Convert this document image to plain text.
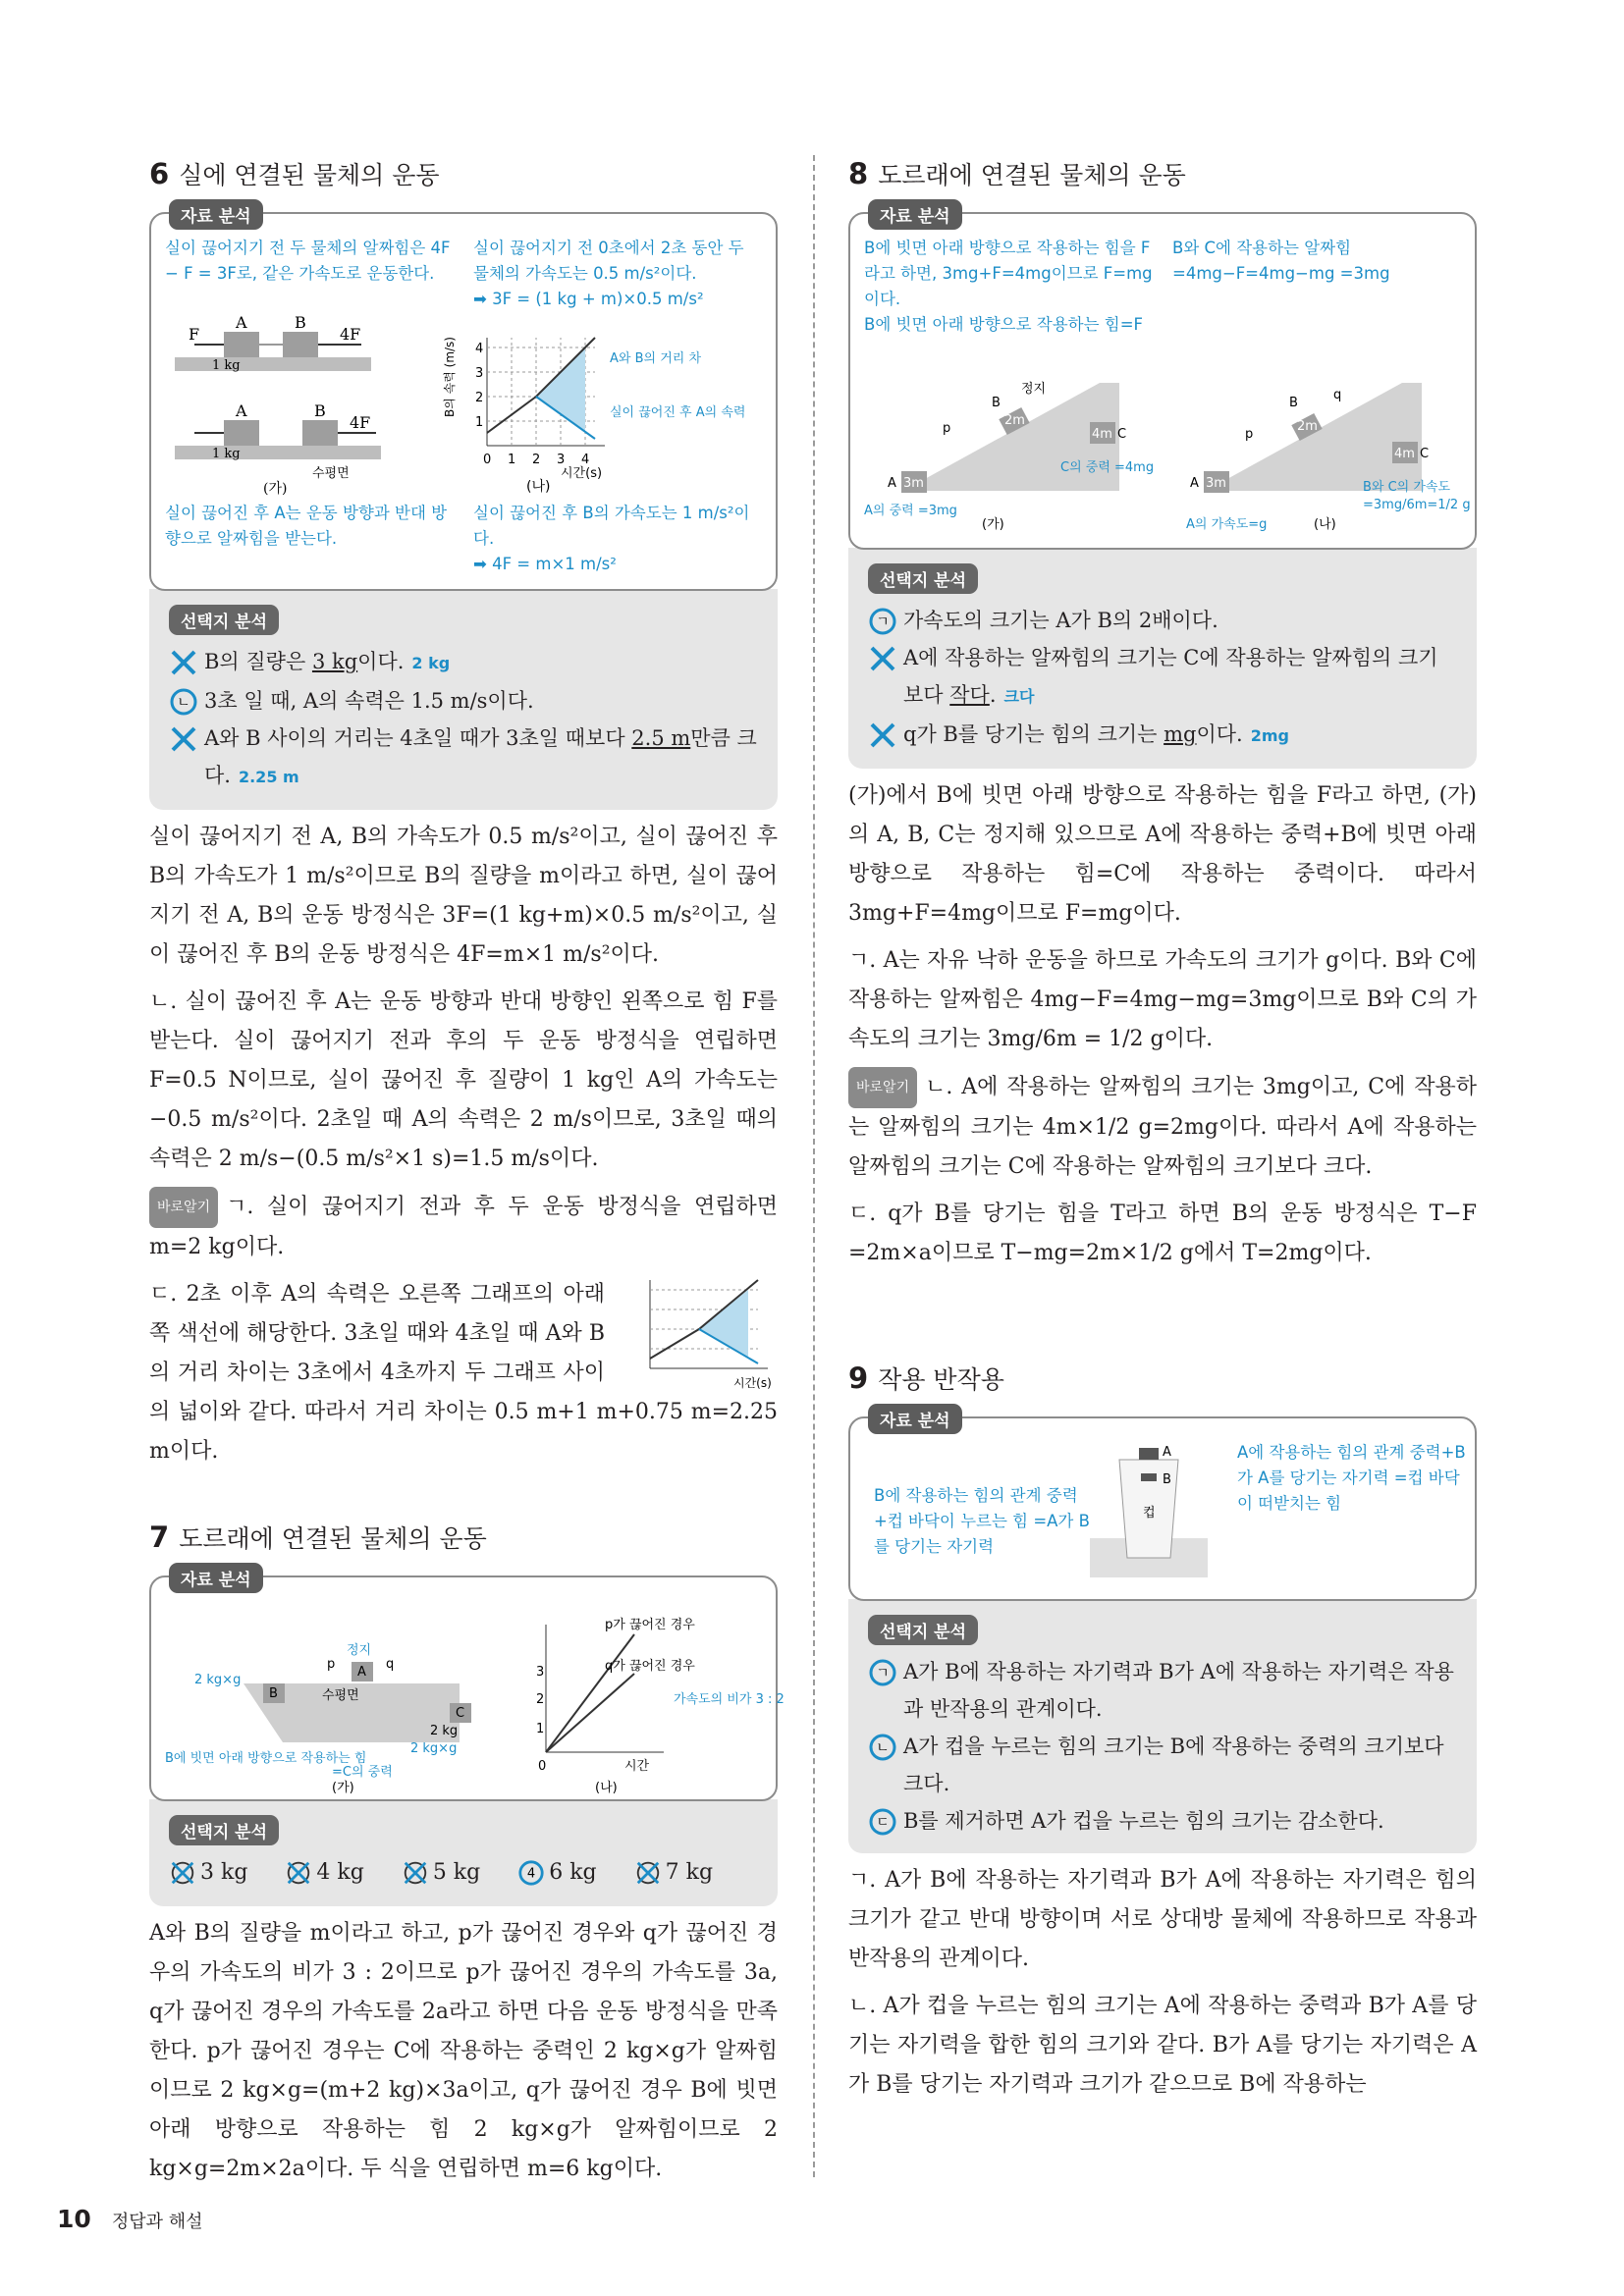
6 실에 연결된 물체의 운동
자료 분석
실이 끊어지기 전 두 물체의 알짜힘은 4F − F = 3F로, 같은 가속도로 운동한다.
실이 끊어지기 전 0초에서 2초 동안 두 물체의 가속도는 0.5 m/s²이다.
➡ 3F = (1 kg + m)×0.5 m/s²
F
A	B
4F
1 kg
A	B
4F
1 kg
수평면
(가)
0 1 2 3 4
1
2
3
4
B의 속력 (m/s)
시간(s)
A와 B의 거리 차
실이 끊어진 후 A의 속력
(나)
실이 끊어진 후 A는 운동 방향과 반대 방향으로 알짜힘을 받는다.
실이 끊어진 후 B의 가속도는 1 m/s²이다.
➡ 4F = m×1 m/s²
선택지 분석
B의 질량은 3 kg이다. 2 kg
ㄴ 3초 일 때, A의 속력은 1.5 m/s이다.
A와 B 사이의 거리는 4초일 때가 3초일 때보다 2.5 m만큼 크다. 2.25 m

실이 끊어지기 전 A, B의 가속도가 0.5 m/s²이고, 실이 끊어진 후 B의 가속도가 1 m/s²이므로 B의 질량을 m이라고 하면, 실이 끊어지기 전 A, B의 운동 방정식은 3F=(1 kg+m)×0.5 m/s²이고, 실이 끊어진 후 B의 운동 방정식은 4F=m×1 m/s²이다.

ㄴ. 실이 끊어진 후 A는 운동 방향과 반대 방향인 왼쪽으로 힘 F를 받는다. 실이 끊어지기 전과 후의 두 운동 방정식을 연립하면 F=0.5 N이므로, 실이 끊어진 후 질량이 1 kg인 A의 가속도는 −0.5 m/s²이다. 2초일 때 A의 속력은 2 m/s이므로, 3초일 때의 속력은 2 m/s−(0.5 m/s²×1 s)=1.5 m/s이다.

바로알기 ㄱ. 실이 끊어지기 전과 후 두 운동 방정식을 연립하면 m=2 kg이다.

시간(s)
ㄷ. 2초 이후 A의 속력은 오른쪽 그래프의 아래쪽 색선에 해당한다. 3초일 때와 4초일 때 A와 B의 거리 차이는 3초에서 4초까지 두 그래프 사이의 넓이와 같다. 따라서 거리 차이는 0.5 m+1 m+0.75 m=2.25 m이다.

7 도르래에 연결된 물체의 운동
자료 분석
정지
p	q
A
B
C
수평면
2 kg×g
2 kg
2 kg×g
B에 빗면 아래 방향으로 작용하는 힘
=C의 중력
(가)
3
2
1
0	시간
p가 끊어진 경우
q가 끊어진 경우
가속도의 비가 3 : 2
(나)
선택지 분석
3 kg	4 kg	5 kg	4 6 kg	7 kg

A와 B의 질량을 m이라고 하고, p가 끊어진 경우와 q가 끊어진 경우의 가속도의 비가 3 : 2이므로 p가 끊어진 경우의 가속도를 3a, q가 끊어진 경우의 가속도를 2a라고 하면 다음 운동 방정식을 만족한다. p가 끊어진 경우는 C에 작용하는 중력인 2 kg×g가 알짜힘이므로 2 kg×g=(m+2 kg)×3a이고, q가 끊어진 경우 B에 빗면 아래 방향으로 작용하는 힘 2 kg×g가 알짜힘이므로 2 kg×g=2m×2a이다. 두 식을 연립하면 m=6 kg이다.

8 도르래에 연결된 물체의 운동
자료 분석
B에 빗면 아래 방향으로 작용하는 힘을 F라고 하면, 3mg+F=4mg이므로 F=mg이다.
B에 빗면 아래 방향으로 작용하는 힘=F
B와 C에 작용하는 알짜힘 =4mg−F=4mg−mg =3mg
2m
3m
4m
B
정지
p
A
C
A의 중력 =3mg
C의 중력 =4mg
(가)
2m
3m
4m
B
q
p
A
C
B와 C의 가속도
=3mg/6m=1/2 g
A의 가속도=g	(나)
선택지 분석
ㄱ 가속도의 크기는 A가 B의 2배이다.
A에 작용하는 알짜힘의 크기는 C에 작용하는 알짜힘의 크기보다 작다. 크다
q가 B를 당기는 힘의 크기는 mg이다. 2mg

(가)에서 B에 빗면 아래 방향으로 작용하는 힘을 F라고 하면, (가)의 A, B, C는 정지해 있으므로 A에 작용하는 중력+B에 빗면 아래 방향으로 작용하는 힘=C에 작용하는 중력이다. 따라서 3mg+F=4mg이므로 F=mg이다.

ㄱ. A는 자유 낙하 운동을 하므로 가속도의 크기가 g이다. B와 C에 작용하는 알짜힘은 4mg−F=4mg−mg=3mg이므로 B와 C의 가속도의 크기는 3mg/6m = 1/2 g이다.

바로알기 ㄴ. A에 작용하는 알짜힘의 크기는 3mg이고, C에 작용하는 알짜힘의 크기는 4m×1/2 g=2mg이다. 따라서 A에 작용하는 알짜힘의 크기는 C에 작용하는 알짜힘의 크기보다 크다.

ㄷ. q가 B를 당기는 힘을 T라고 하면 B의 운동 방정식은 T−F =2m×a이므로 T−mg=2m×1/2 g에서 T=2mg이다.

9 작용 반작용
자료 분석
B에 작용하는 힘의 관계 중력+컵 바닥이 누르는 힘 =A가 B를 당기는 자기력
A
B
컵
A에 작용하는 힘의 관계 중력+B가 A를 당기는 자기력 =컵 바닥이 떠받치는 힘
선택지 분석
ㄱ A가 B에 작용하는 자기력과 B가 A에 작용하는 자기력은 작용과 반작용의 관계이다.
ㄴ A가 컵을 누르는 힘의 크기는 B에 작용하는 중력의 크기보다 크다.
ㄷ B를 제거하면 A가 컵을 누르는 힘의 크기는 감소한다.

ㄱ. A가 B에 작용하는 자기력과 B가 A에 작용하는 자기력은 힘의 크기가 같고 반대 방향이며 서로 상대방 물체에 작용하므로 작용과 반작용의 관계이다.

ㄴ. A가 컵을 누르는 힘의 크기는 A에 작용하는 중력과 B가 A를 당기는 자기력을 합한 힘의 크기와 같다. B가 A를 당기는 자기력은 A가 B를 당기는 자기력과 크기가 같으므로 B에 작용하는

10 정답과 해설
